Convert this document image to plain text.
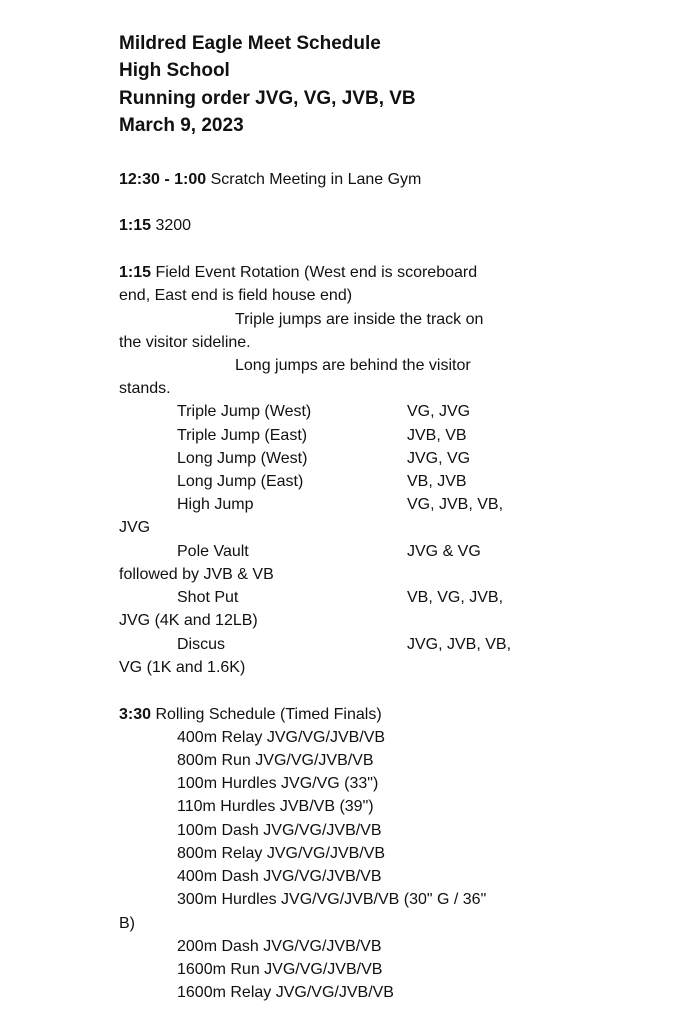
Mildred Eagle Meet Schedule
High School
Running order JVG, VG, JVB, VB
March 9, 2023
12:30 - 1:00 Scratch Meeting in Lane Gym
1:15 3200
1:15 Field Event Rotation (West end is scoreboard
end, East end is field house end)
Triple jumps are inside the track on
the visitor sideline.
Long jumps are behind the visitor
stands.
Triple Jump (West)	VG, JVG
Triple Jump (East)	JVB, VB
Long Jump (West)	JVG, VG
Long Jump (East)	VB, JVB
High Jump	VG, JVB, VB,
JVG
Pole Vault	JVG & VG
followed by JVB & VB
Shot Put	VB, VG, JVB,
JVG (4K and 12LB)
Discus	JVG, JVB, VB,
VG (1K and 1.6K)
3:30 Rolling Schedule (Timed Finals)
400m Relay JVG/VG/JVB/VB
800m Run JVG/VG/JVB/VB
100m Hurdles JVG/VG (33")
110m Hurdles JVB/VB (39")
100m Dash JVG/VG/JVB/VB
800m Relay JVG/VG/JVB/VB
400m Dash JVG/VG/JVB/VB
300m Hurdles JVG/VG/JVB/VB (30" G / 36"
B)
200m Dash JVG/VG/JVB/VB
1600m Run JVG/VG/JVB/VB
1600m Relay JVG/VG/JVB/VB
